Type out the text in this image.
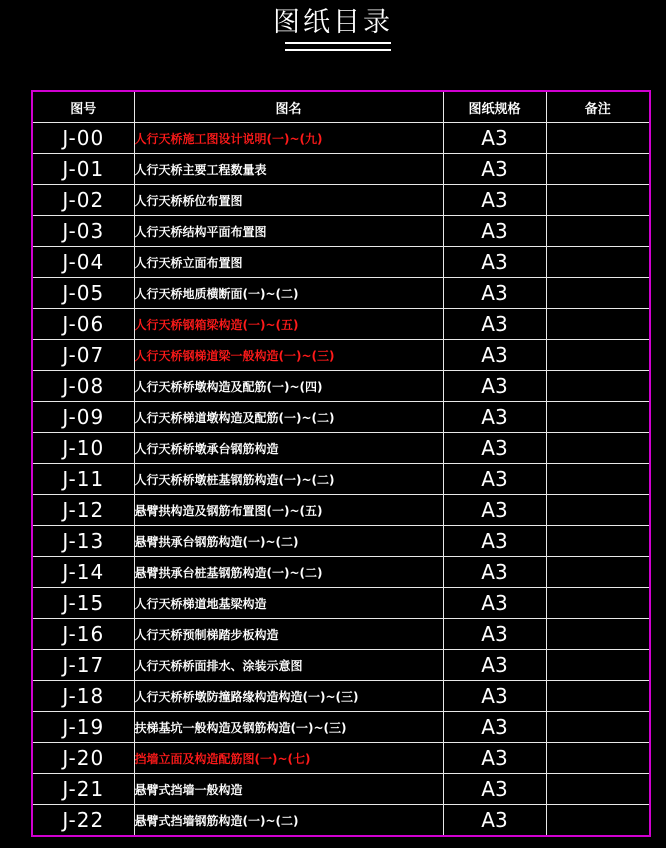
图纸目录
图号	图名	图纸规格	备注
J-00	人行天桥施工图设计说明(一)~(九)	A3	
J-01	人行天桥主要工程数量表	A3	
J-02	人行天桥桥位布置图	A3	
J-03	人行天桥结构平面布置图	A3	
J-04	人行天桥立面布置图	A3	
J-05	人行天桥地质横断面(一)~(二)	A3	
J-06	人行天桥钢箱梁构造(一)~(五)	A3	
J-07	人行天桥钢梯道梁一般构造(一)~(三)	A3	
J-08	人行天桥桥墩构造及配筋(一)~(四)	A3	
J-09	人行天桥梯道墩构造及配筋(一)~(二)	A3	
J-10	人行天桥桥墩承台钢筋构造	A3	
J-11	人行天桥桥墩桩基钢筋构造(一)~(二)	A3	
J-12	悬臂拱构造及钢筋布置图(一)~(五)	A3	
J-13	悬臂拱承台钢筋构造(一)~(二)	A3	
J-14	悬臂拱承台桩基钢筋构造(一)~(二)	A3	
J-15	人行天桥梯道地基梁构造	A3	
J-16	人行天桥预制梯踏步板构造	A3	
J-17	人行天桥桥面排水、涂装示意图	A3	
J-18	人行天桥桥墩防撞路缘构造构造(一)~(三)	A3	
J-19	扶梯基坑一般构造及钢筋构造(一)~(三)	A3	
J-20	挡墙立面及构造配筋图(一)~(七)	A3	
J-21	悬臂式挡墙一般构造	A3	
J-22	悬臂式挡墙钢筋构造(一)~(二)	A3	
